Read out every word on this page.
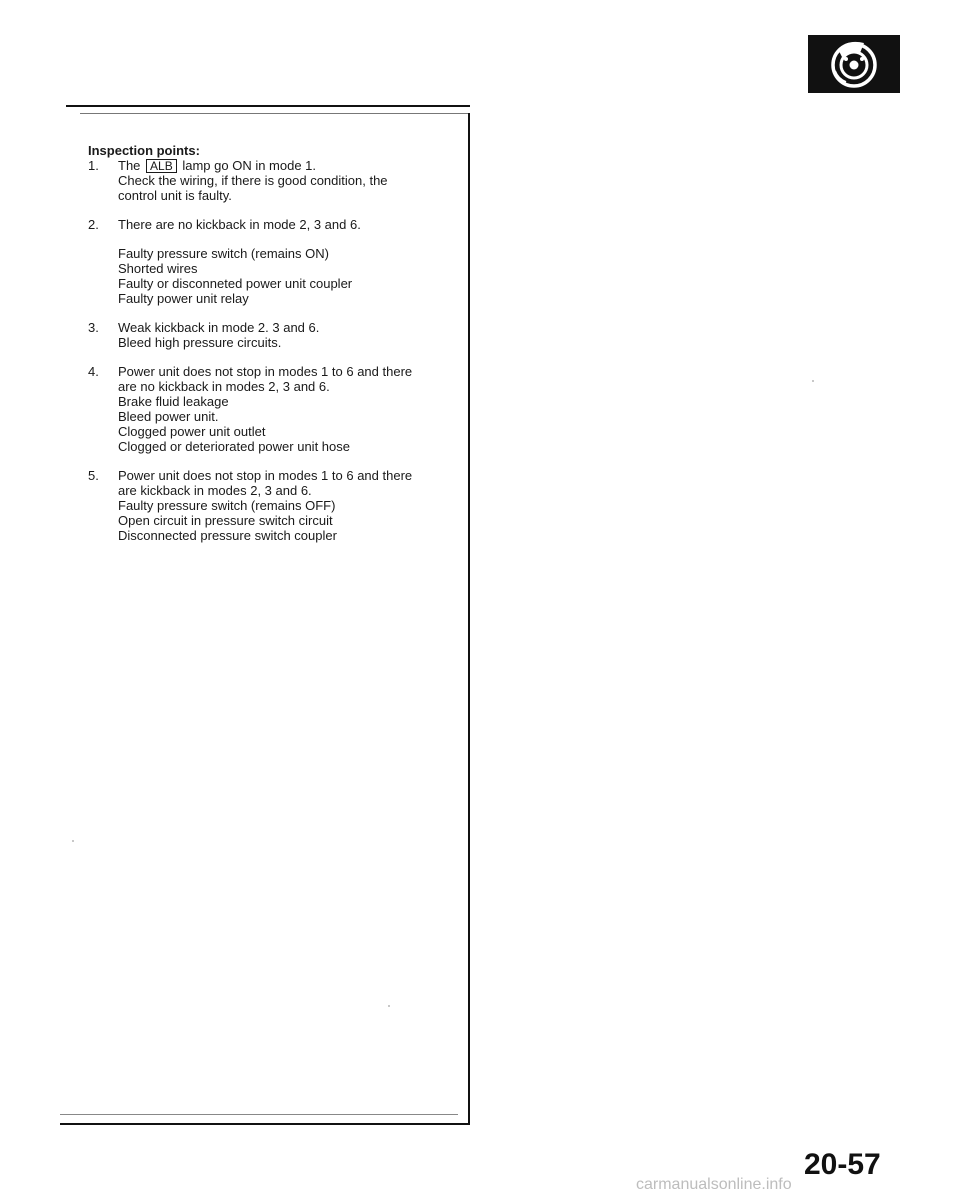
Inspection points:
1. The ALB lamp go ON in mode 1.
Check the wiring, if there is good condition, the
control unit is faulty.
2. There are no kickback in mode 2, 3 and 6.
Faulty pressure switch (remains ON)
Shorted wires
Faulty or disconneted power unit coupler
Faulty power unit relay
3. Weak kickback in mode 2. 3 and 6.
Bleed high pressure circuits.
4. Power unit does not stop in modes 1 to 6 and there
are no kickback in modes 2, 3 and 6.
Brake fluid leakage
Bleed power unit.
Clogged power unit outlet
Clogged or deteriorated power unit hose
5. Power unit does not stop in modes 1 to 6 and there
are kickback in modes 2, 3 and 6.
Faulty pressure switch (remains OFF)
Open circuit in pressure switch circuit
Disconnected pressure switch coupler
20-57
carmanualsonline.info
